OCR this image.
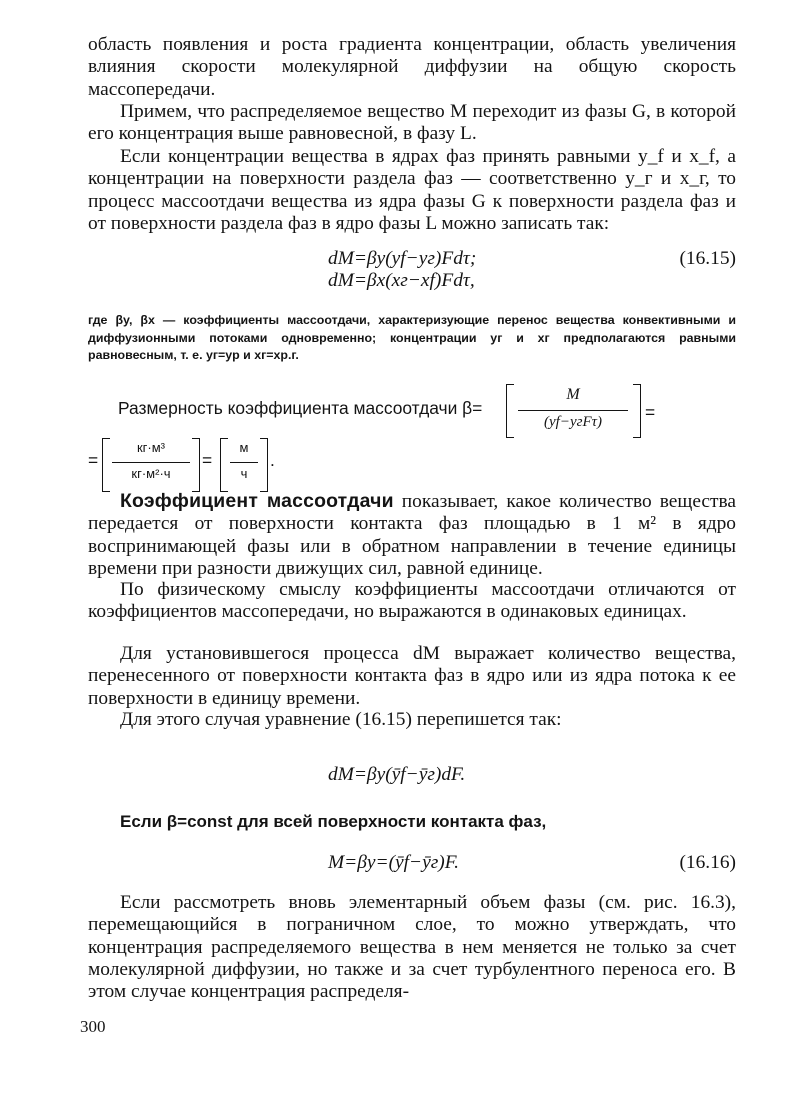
область появления и роста градиента концентрации, область увеличения влияния скорости молекулярной диффузии на общую скорость массопередачи.

Примем, что распределяемое вещество M переходит из фазы G, в которой его концентрация выше равновесной, в фазу L.

Если концентрации вещества в ядрах фаз принять равными y_f и x_f, а концентрации на поверхности раздела фаз — соответственно y_г и x_г, то процесс массоотдачи вещества из ядра фазы G к поверхности раздела фаз и от поверхности раздела фаз в ядро фазы L можно записать так:

dM=βy(yf−yг)Fdτ;
dM=βx(xг−xf)Fdτ,
(16.15)
где βy, βx — коэффициенты массоотдачи, характеризующие перенос вещества конвективными и диффузионными потоками одновременно; концентрации yг и xг предполагаются равными равновесным, т. е. yг=yр и xг=xр.г.
Размерность коэффициента массоотдачи β=
M
(yf−yгFτ)	=
=
кг·м³
кг·м²·ч
=
м
ч
.

Коэффициент массоотдачи показывает, какое количество вещества передается от поверхности контакта фаз площадью в 1 м² в ядро воспринимающей фазы или в обратном направлении в течение единицы времени при разности движущих сил, равной единице.

По физическому смыслу коэффициенты массоотдачи отличаются от коэффициентов массопередачи, но выражаются в одинаковых единицах.

Для установившегося процесса dM выражает количество вещества, перенесенного от поверхности контакта фаз в ядро или из ядра потока к ее поверхности в единицу времени.

Для этого случая уравнение (16.15) перепишется так:

dM=βy(ȳf−ȳг)dF.

Если β=const для всей поверхности контакта фаз,

M=βy=(ȳf−ȳг)F.	(16.16)

Если рассмотреть вновь элементарный объем фазы (см. рис. 16.3), перемещающийся в пограничном слое, то можно утверждать, что концентрация распределяемого вещества в нем меняется не только за счет молекулярной диффузии, но также и за счет турбулентного переноса его. В этом случае концентрация распределя-

300
